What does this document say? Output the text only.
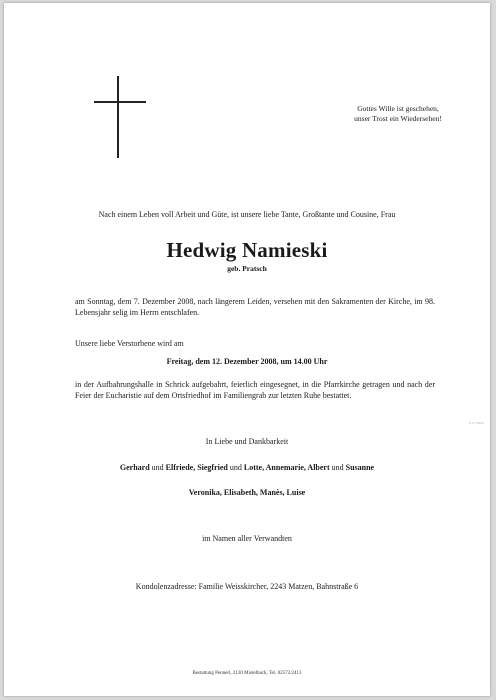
Gottes Wille ist geschehen,
unser Trost ein Wiedersehen!
Nach einem Leben voll Arbeit und Güte, ist unsere liebe Tante, Großtante und Cousine, Frau
Hedwig Namieski
geb. Pratsch
am Sonntag, dem 7. Dezember 2008, nach längerem Leiden, versehen mit den Sakramenten der Kirche, im 98. Lebensjahr selig im Herrn entschlafen.
Unsere liebe Verstorbene wird am
Freitag, dem 12. Dezember 2008, um 14.00 Uhr
in der Aufbahrungshalle in Schrick aufgebahrt, feierlich eingesegnet, in die Pfarrkirche getragen und nach der Feier der Eucharistie auf dem Ortsfriedhof im Familiengrab zur letzten Ruhe bestattet.
In Liebe und Dankbarkeit
Gerhard und Elfriede, Siegfried und Lotte, Annemarie, Albert und Susanne
Veronika, Elisabeth, Manès, Luise
im Namen aller Verwandten
Kondolenzadresse: Familie Weisskircher, 2243 Matzen, Bahnstraße 6
Bestattung Pennerl, 2130 Mistelbach, Tel. 02572/2413
0 07 59/02
